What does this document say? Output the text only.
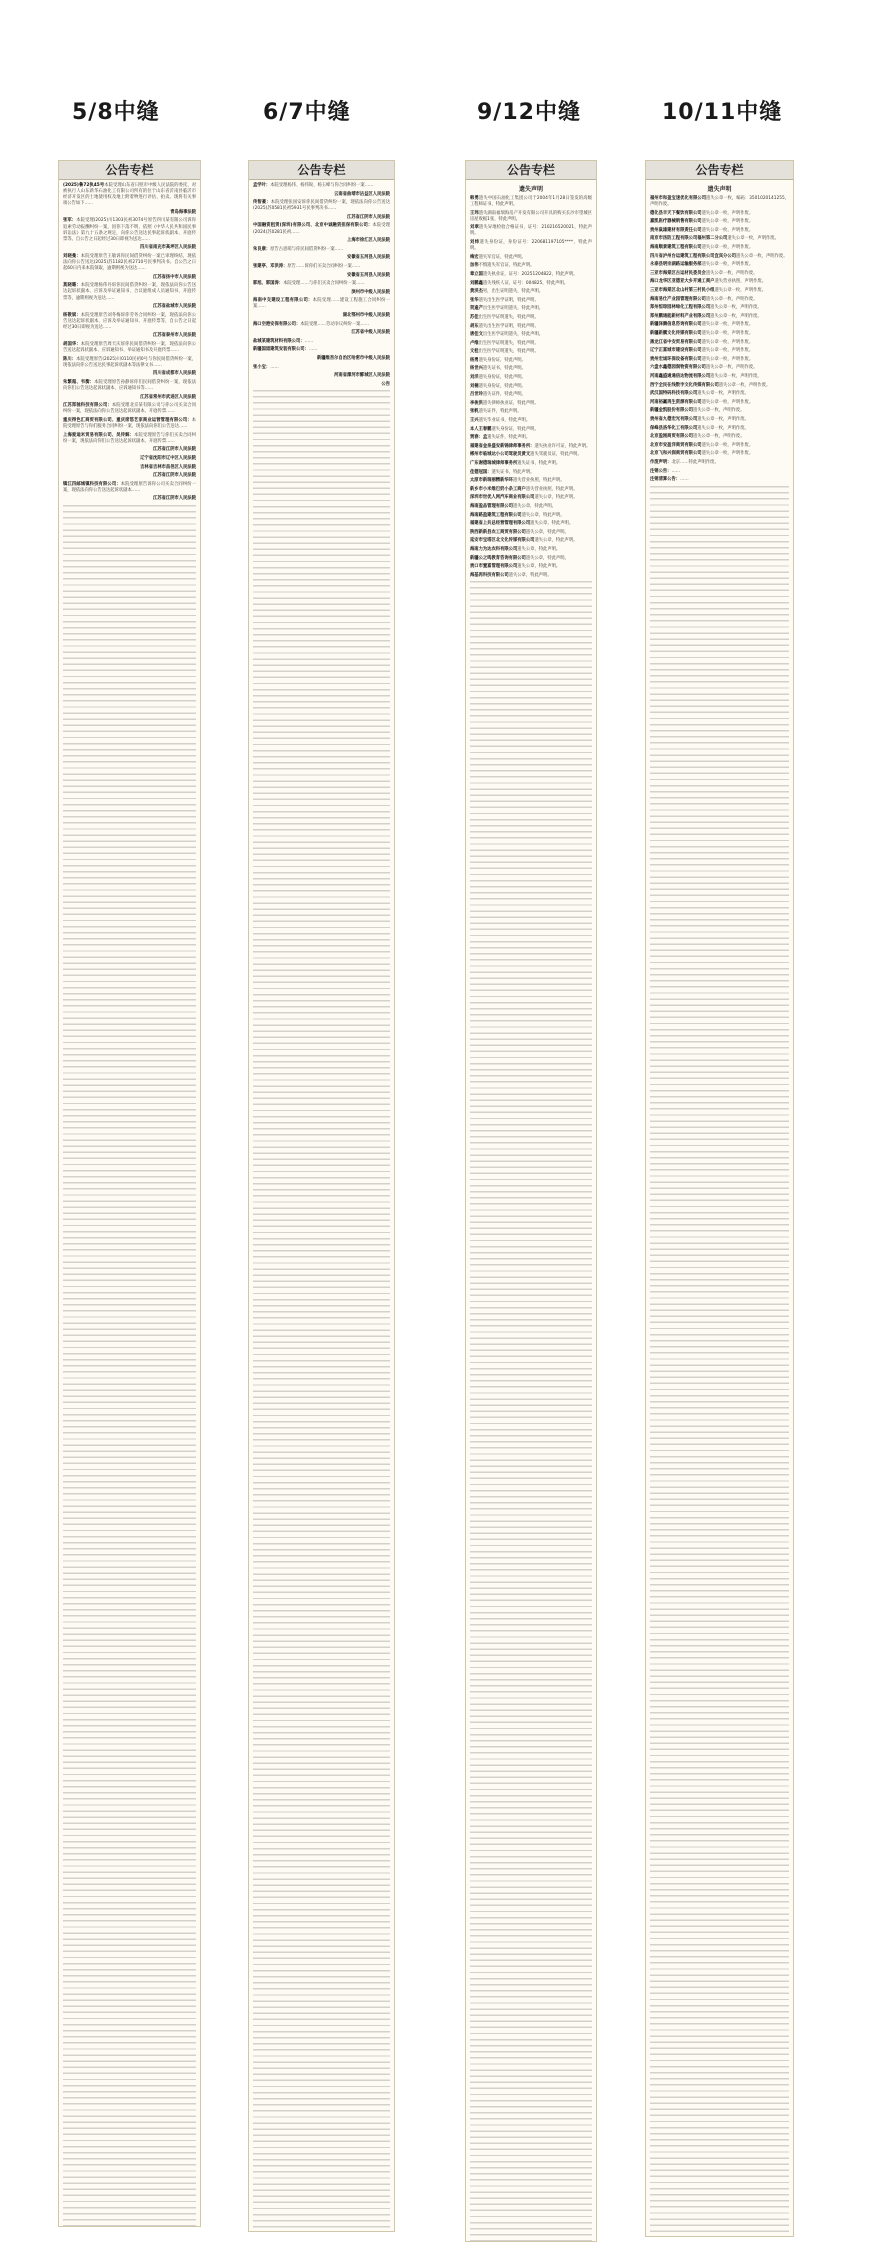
5/8中缝
公告专栏
(2025)鲁72执45号本院受理山东省日照市中级人民法院的委托，对被执行人山东新华石油化工有限公司所有的位于山东省沂南县临沂市经济开发区的土地使用权及地上附着物进行评估、拍卖。现将有关事项公告如下……
青岛海事法院
张军：本院受理(2025)川1303民初3074号原告四川某有限公司诉你追索劳动报酬纠纷一案，因你下落不明，依照《中华人民共和国民事诉讼法》第九十五条之规定，向你公告送达民事起诉状副本、开庭传票等。自公告之日起经过30日即视为送达……
四川省南充市高坪区人民法院
刘晓曼：本院受理原告王敏诉你民间借贷纠纷一案已审理终结，现依法向你公告送达(2025)苏1182民初2710号民事判决书。自公告之日起60日内来本院领取，逾期则视为送达……
江苏省扬中市人民法院
莫晓璐：本院受理杨伟丹诉你民间借贷纠纷一案，现依法向你公告送达起诉状副本、应诉及举证通知书、合议庭组成人员通知书、开庭传票等，逾期则视为送达……
江苏省盐城市人民法院
杨敬斌：本院受理原告刘冬梅诉你劳务合同纠纷一案，现依法向你公告送达起诉状副本、应诉及举证通知书、开庭传票等，自公告之日起经过30日即视为送达……
江苏省泰州市人民法院
胡国华：本院受理原告周天庆诉你民间借贷纠纷一案，现依法向你公告送达起诉状副本、应诉通知书、举证通知书及开庭传票……
陈川：本院受理原告(2025)川0110民初0号与你民间借贷纠纷一案，现依法向你公告送达民事起诉状副本等法律文书……
四川省成都市人民法院
朱繁超、韦衡：本院受理原告孙静诉你们民间借贷纠纷一案，现依法向你们公告送达起诉状副本、应诉通知书等……
江苏省常州市武进区人民法院
江苏郑驰科技有限公司：本院受理北京某有限公司与你公司买卖合同纠纷一案，现依法向你公告送达起诉状副本、开庭传票……
重庆得色汇商贸有限公司、重庆席悠艺家商业运营管理有限公司：本院受理原告与你们服务合同纠纷一案，现依法向你们公告送达……
上海爱迪米贸易有限公司、吴传解：本院受理原告与你们买卖合同纠纷一案，现依法向你们公告送达起诉状副本、开庭传票……
江苏省江阴市人民法院
辽宁省沈阳市辽中区人民法院
吉林省吉林市昌邑区人民法院
江苏省江阴市人民法院
镇江四邮城镇科技有限公司：本院受理原告诉你公司买卖合同纠纷一案，现依法向你公告送达起诉状副本……
江苏省江阴市人民法院
6/7中缝
公告专栏
孟学叶：本院受理杨伟、杨伟锐、杨玉峰与你合同纠纷一案……
云南省曲靖市沾益区人民法院
传智豪：本院受理张国安诉你民间借贷纠纷一案，现依法向你公告送达(2025)苏0581民初5931号民事判决书……
江苏省江阴市人民法院
中国融资租赁(深圳)有限公司、北京中诚融资担保有限公司：本院受理(2024)苏0281民初……
上海市徐汇区人民法院
朱良康：原告古思萌与你民间借贷纠纷一案……
安徽省五河县人民法院
张建亭、邓洪涛：原告……诉你们买卖合同纠纷一案……
安徽省五河县人民法院
郭旭、郭国涛：本院受理……与你们买卖合同纠纷一案……
滨州市中级人民法院
海南中交建设工程有限公司：本院受理……建设工程施工合同纠纷一案……
湖北鄂州市中级人民法院
海口空港安保有限公司：本院受理……劳动争议纠纷一案……
江苏省中级人民法院
盐城某建筑材料有限公司：……
新疆国道建筑安装有限公司：……
新疆维吾尔自治区哈密市中级人民法院
张小宝：……
河南省漯河市郾城区人民法院
公告
9/12中缝
公告专栏
遗失声明
韩勇遗失中国石油化工集团公司于2004年1月28日签发的高级工程师证书，特此声明。
王玮遗失湖南福瑞海房产开发有限公司开具的购买长沙市望城区房屋收据1张，特此声明。
刘翠遗失异地检验合格证书，证号：210216520021，特此声明。
刘炜遗失身份证，身份证号：220681197105****，特此声明。
梅宏遗失军官证，特此声明。
加伟不慎遗失军官证，特此声明。
章立国遗失执业证，证号：20251204822，特此声明。
刘鹏鑫遗失残疾人证，证号：004825，特此声明。
黄洪杰男，出生证明遗失，特此声明。
张华遗失出生医学证明，特此声明。
贺逢产出生医学证明遗失，特此声明。
苏佳出生医学证明遗失，特此声明。
胡东遗失出生医学证明，特此声明。
唐佳文出生医学证明遗失，特此声明。
卢维出生医学证明遗失，特此声明。
文桂出生医学证明遗失，特此声明。
杨勇遗失身份证，特此声明。
杨世兴遗失证书，特此声明。
刘洋遗失身份证，特此声明。
刘楠遗失身份证，特此声明。
吕世玲遗失证件，特此声明。
李俊洪遗失律师执业证，特此声明。
张帆遗失证件，特此声明。
王兴遗失毕业证书，特此声明。
本人王春鹏遗失身份证，特此声明。
贾春：孟遗失证件，特此声明。
福建省金泉盛安新锦律师事务所：遗失执业许可证，特此声明。
郴州市临城达小公司驾驶员黄文遗失驾驶员证，特此声明。
广东谢德瑞城律师事务所遗失证书，特此声明。
佳德冠国：遗失证书，特此声明。
太原市新瑞丽精新华环遗失营业执照，特此声明。
新乡市小米维巴奶小条工商户遗失营业执照，特此声明。
深圳市世优人网汽车商业有限公司遗失公章，特此声明。
海南盈品管理有限公司遗失公章，特此声明。
海南路盈建筑工程有限公司遗失公章，特此声明。
福建省上共总经营管理有限公司遗失公章，特此声明。
陕西新新县农工商贸有限公司遗失公章，特此声明。
延安市宝塔区北文化传媒有限公司遗失公章，特此声明。
海南力为达农科有限公司遗失公章，特此声明。
新疆公之鸣教育咨询有限公司遗失公章，特此声明。
贵口市置富管理有限公司遗失公章，特此声明。
海基再科技有限公司遗失公章，特此声明。
10/11中缝
公告专栏
遗失声明
福州市和盈宝速优化有限公司遗失公章一枚，编码：3501020141255，声明作废。
德化县丰天下餐饮有限公司遗失公章一枚，声明作废。
嘉凯医疗器械销售有限公司遗失公章一枚，声明作废。
贵州鼠雄建材有限责任公司遗失公章一枚，声明作废。
南京市汤防工程有限公司福州第二分公司遗失公章一枚，声明作废。
海南顺景建筑工程有限公司遗失公章一枚，声明作废。
四川省泸州台运建筑工程有限公司宜宾分公司遗失公章一枚，声明作废。
永泰县明宗湖路运输服务部遗失公章一枚，声明作废。
三亚市海棠区古运材民委员会遗失公章一枚，声明作废。
海口龙华区亚德亚大乡开通工商户遗失营业执照，声明作废。
三亚市海棠区北山村第三村民小组遗失公章一枚，声明作废。
海南易仕产业园管理有限公司遗失公章一枚，声明作废。
郑州恒琼园林绿化工程有限公司遗失公章一枚，声明作废。
郑州鹏通能新材料产业有限公司遗失公章一枚，声明作废。
新疆泽腾信息咨询有限公司遗失公章一枚，声明作废。
新疆新鹏文化传媒有限公司遗失公章一枚，声明作废。
黑龙江省中安贸易有限公司遗失公章一枚，声明作废。
辽宁正富城市建设有限公司遗失公章一枚，声明作废。
贵州宏诚环保设备有限公司遗失公章一枚，声明作废。
六盘水鑫德园润物资有限公司遗失公章一枚，声明作废。
河南鑫盛通通信达物流有限公司遗失公章一枚，声明作废。
西宁全民在线数字文化传媒有限公司遗失公章一枚，声明作废。
武汉国特码科技有限公司遗失公章一枚，声明作废。
河南裕赢再生资源有限公司遗失公章一枚，声明作废。
新疆金凯股份有限公司遗失公章一枚，声明作废。
贵州省九德宏光有限公司遗失公章一枚，声明作废。
保峰县洛华化工有限公司遗失公章一枚，声明作废。
北京盈刚商贸有限公司遗失公章一枚，声明作废。
北京市安盈洋商贸有限公司遗失公章一枚，声明作废。
北京飞和兴润商贸有限公司遗失公章一枚，声明作废。
作废声明：北京……特此声明作废。
注销公告：……
注销清算公告：……
